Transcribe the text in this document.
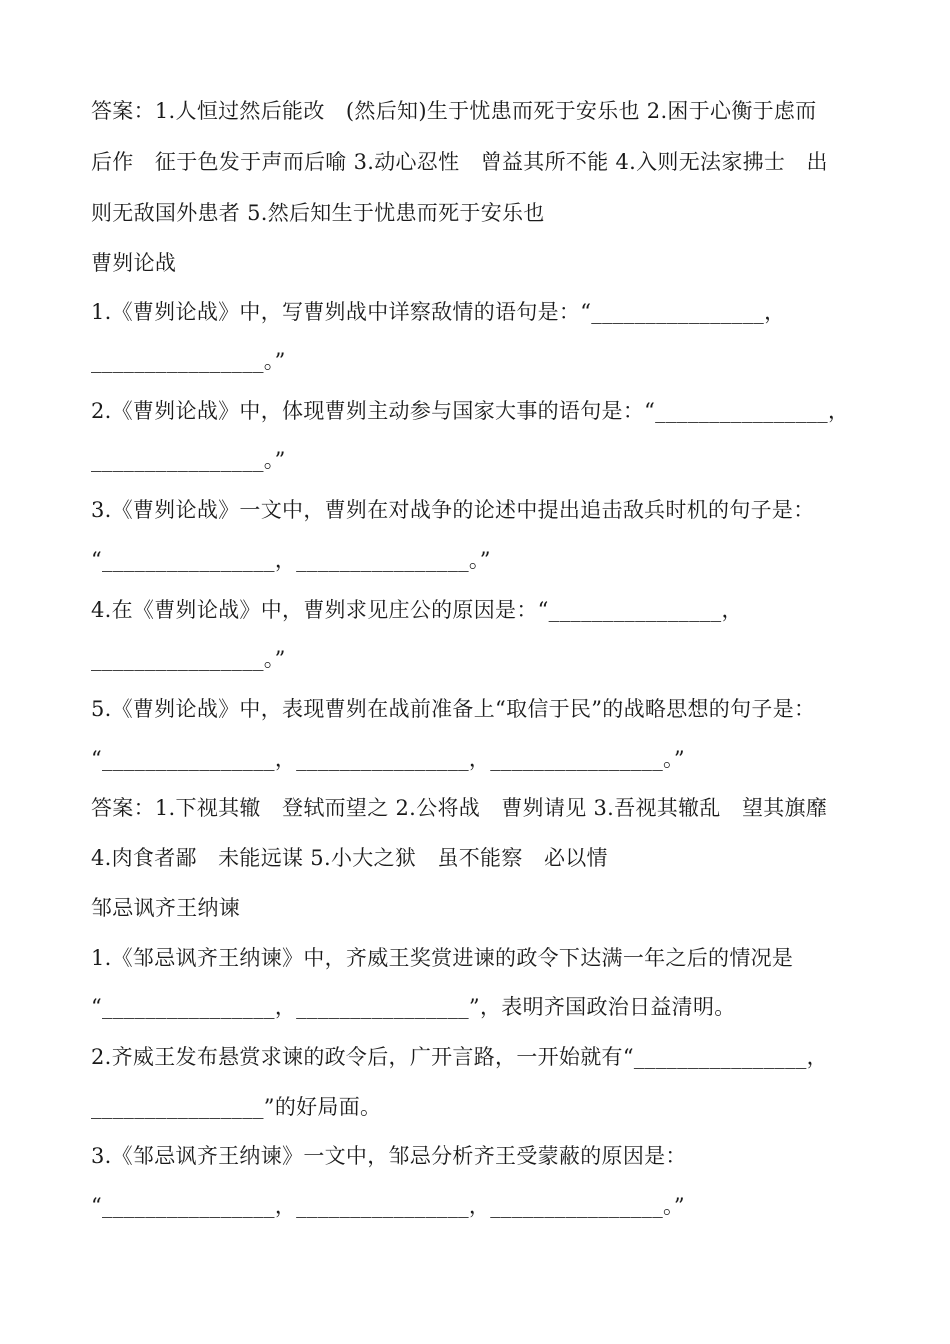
答案：1.人恒过然后能改　(然后知)生于忧患而死于安乐也 2.困于心衡于虑而
后作　征于色发于声而后喻 3.动心忍性　曾益其所不能 4.入则无法家拂士　出
则无敌国外患者 5.然后知生于忧患而死于安乐也
曹刿论战
1.《曹刿论战》中，写曹刿战中详察敌情的语句是：“________________，
________________。”
2.《曹刿论战》中，体现曹刿主动参与国家大事的语句是：“________________，
________________。”
3.《曹刿论战》一文中，曹刿在对战争的论述中提出追击敌兵时机的句子是：
“________________，________________。”
4.在《曹刿论战》中，曹刿求见庄公的原因是：“________________，
________________。”
5.《曹刿论战》中，表现曹刿在战前准备上“取信于民”的战略思想的句子是：
“________________，________________，________________。”
答案：1.下视其辙　登轼而望之 2.公将战　曹刿请见 3.吾视其辙乱　望其旗靡
4.肉食者鄙　未能远谋 5.小大之狱　虽不能察　必以情
邹忌讽齐王纳谏
1.《邹忌讽齐王纳谏》中，齐威王奖赏进谏的政令下达满一年之后的情况是
“________________，________________”，表明齐国政治日益清明。
2.齐威王发布悬赏求谏的政令后，广开言路，一开始就有“________________，
________________”的好局面。
3.《邹忌讽齐王纳谏》一文中，邹忌分析齐王受蒙蔽的原因是：
“________________，________________，________________。”
